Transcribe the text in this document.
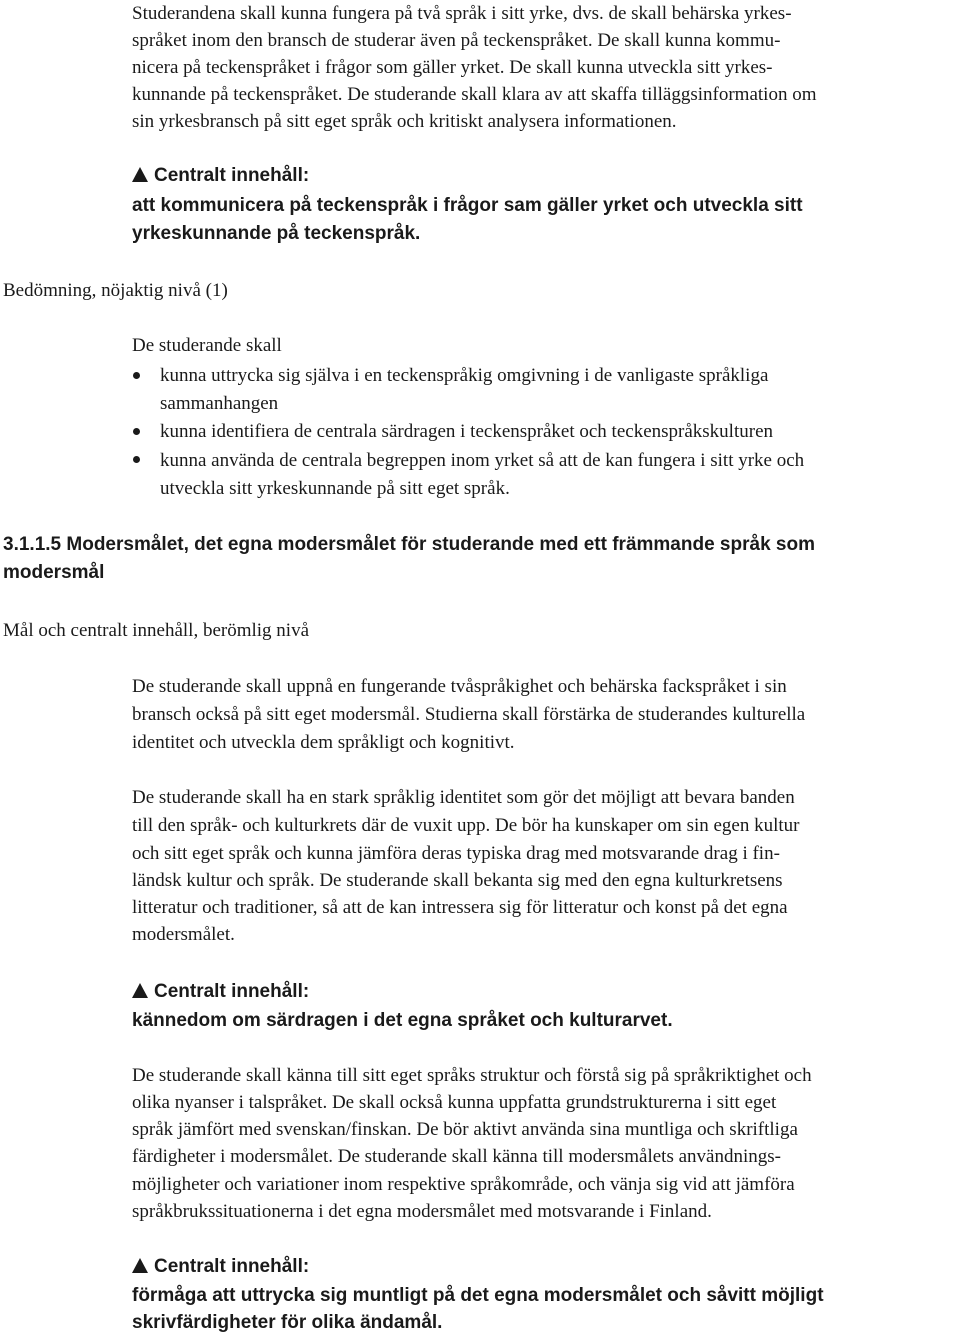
Studerandena skall kunna fungera på två språk i sitt yrke, dvs. de skall behärska yrkes-
språket inom den bransch de studerar även på teckenspråket. De skall kunna kommu-
nicera på teckenspråket i frågor som gäller yrket. De skall kunna utveckla sitt yrkes-
kunnande på teckenspråket. De studerande skall klara av att skaffa tilläggsinformation om
sin yrkesbransch på sitt eget språk och kritiskt analysera informationen.
Centralt innehåll:
att kommunicera på teckenspråk i frågor sam gäller yrket och utveckla sitt
yrkeskunnande på teckenspråk.
Bedömning, nöjaktig nivå (1)
De studerande skall
kunna uttrycka sig själva i en teckenspråkig omgivning i de vanligaste språkliga
sammanhangen
kunna identifiera de centrala särdragen i teckenspråket och teckenspråkskulturen
kunna använda de centrala begreppen inom yrket så att de kan fungera i sitt yrke och
utveckla sitt yrkeskunnande på sitt eget språk.
3.1.1.5 Modersmålet, det egna modersmålet för studerande med ett främmande språk som
modersmål
Mål och centralt innehåll, berömlig nivå
De studerande skall uppnå en fungerande tvåspråkighet och behärska fackspråket i sin
bransch också på sitt eget modersmål. Studierna skall förstärka de studerandes kulturella
identitet och utveckla dem språkligt och kognitivt.
De studerande skall ha en stark språklig identitet som gör det möjligt att bevara banden
till den språk- och kulturkrets där de vuxit upp. De bör ha kunskaper om sin egen kultur
och sitt eget språk och kunna jämföra deras typiska drag med motsvarande drag i fin-
ländsk kultur och språk. De studerande skall bekanta sig med den egna kulturkretsens
litteratur och traditioner, så att de kan intressera sig för litteratur och konst på det egna
modersmålet.
Centralt innehåll:
kännedom om särdragen i det egna språket och kulturarvet.
De studerande skall känna till sitt eget språks struktur och förstå sig på språkriktighet och
olika nyanser i talspråket. De skall också kunna uppfatta grundstrukturerna i sitt eget
språk jämfört med svenskan/finskan. De bör aktivt använda sina muntliga och skriftliga
färdigheter i modersmålet. De studerande skall känna till modersmålets användnings-
möjligheter och variationer inom respektive språkområde, och vänja sig vid att jämföra
språkbrukssituationerna i det egna modersmålet med motsvarande i Finland.
Centralt innehåll:
förmåga att uttrycka sig muntligt på det egna modersmålet och såvitt möjligt
skrivfärdigheter för olika ändamål.
